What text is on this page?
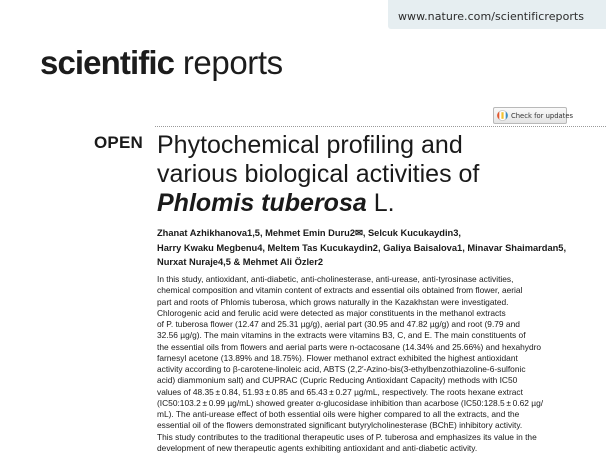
www.nature.com/scientificreports
scientific reports
OPEN
Check for updates
Phytochemical profiling and
various biological activities of
Phlomis tuberosa L.
Zhanat Azhikhanova1,5, Mehmet Emin Duru2✉, Selcuk Kucukaydin3,
Harry Kwaku Megbenu4, Meltem Tas Kucukaydin2, Galiya Baisalova1, Minavar Shaimardan5,
Nurxat Nuraje4,5 & Mehmet Ali Özler2
In this study, antioxidant, anti-diabetic, anti-cholinesterase, anti-urease, anti-tyrosinase activities,
chemical composition and vitamin content of extracts and essential oils obtained from flower, aerial
part and roots of Phlomis tuberosa, which grows naturally in the Kazakhstan were investigated.
Chlorogenic acid and ferulic acid were detected as major constituents in the methanol extracts
of P. tuberosa flower (12.47 and 25.31 µg/g), aerial part (30.95 and 47.82 µg/g) and root (9.79 and
32.56 µg/g). The main vitamins in the extracts were vitamins B3, C, and E. The main constituents of
the essential oils from flowers and aerial parts were n-octacosane (14.34% and 25.66%) and hexahydro
farnesyl acetone (13.89% and 18.75%). Flower methanol extract exhibited the highest antioxidant
activity according to β-carotene-linoleic acid, ABTS (2,2′-Azino-bis(3-ethylbenzothiazoline-6-sulfonic
acid) diammonium salt) and CUPRAC (Cupric Reducing Antioxidant Capacity) methods with IC50
values of 48.35 ± 0.84, 51.93 ± 0.85 and 65.43 ± 0.27 µg/mL, respectively. The roots hexane extract
(IC50:103.2 ± 0.99 µg/mL) showed greater α-glucosidase inhibition than acarbose (IC50:128.5 ± 0.62 µg/
mL). The anti-urease effect of both essential oils were higher compared to all the extracts, and the
essential oil of the flowers demonstrated significant butyrylcholinesterase (BChE) inhibitory activity.
This study contributes to the traditional therapeutic uses of P. tuberosa and emphasizes its value in the
development of new therapeutic agents exhibiting antioxidant and anti-diabetic activity.
